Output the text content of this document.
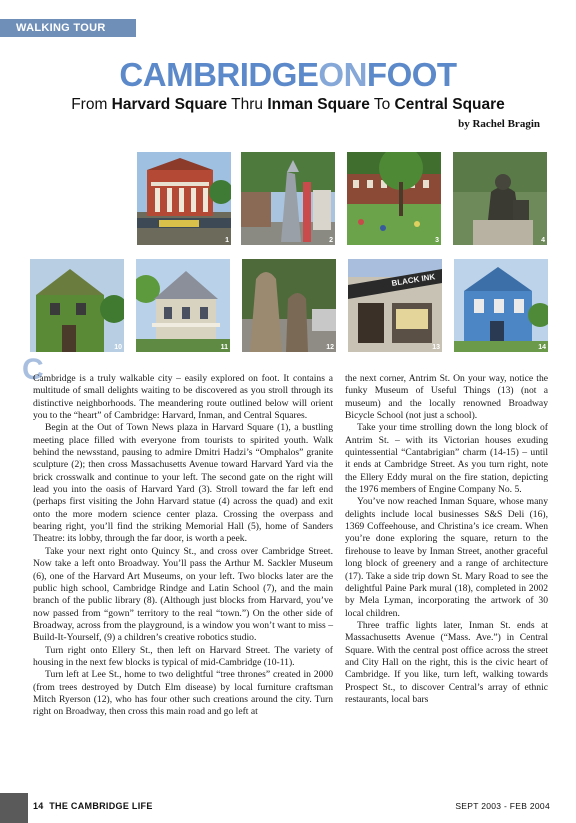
WALKING TOUR
CAMBRIDGEONFOOT
From Harvard Square Thru Inman Square To Central Square
by Rachel Bragin
1	2	3	4
10	11	12
BLACK INK
13	14
C

Cambridge is a truly walkable city – easily explored on foot. It contains a multitude of small delights waiting to be discovered as you stroll through its distinctive neighborhoods. The meandering route outlined below will orient you to the “heart” of Cambridge: Harvard, Inman, and Central Squares.

Begin at the Out of Town News plaza in Harvard Square (1), a bustling meeting place filled with everyone from tourists to spirited youth. Walk behind the newsstand, pausing to admire Dmitri Hadzi’s “Omphalos” granite sculpture (2); then cross Massachusetts Avenue toward Harvard Yard via the brick crosswalk and continue to your left. The second gate on the right will lead you into the oasis of Harvard Yard (3). Stroll toward the far left end (perhaps first visiting the John Harvard statue (4) across the quad) and exit onto the more modern science center plaza. Crossing the overpass and bearing right, you’ll find the striking Memorial Hall (5), home of Sanders Theatre: its lobby, through the far door, is worth a peek.

Take your next right onto Quincy St., and cross over Cambridge Street. Now take a left onto Broadway. You’ll pass the Arthur M. Sackler Museum (6), one of the Harvard Art Museums, on your left. Two blocks later are the public high school, Cambridge Rindge and Latin School (7), and the main branch of the public library (8). (Although just blocks from Harvard, you’ve now passed from “gown” territory to the real “town.”) On the other side of Broadway, across from the playground, is a window you won’t want to miss – Build-It-Yourself, (9) a children’s creative robotics studio.

Turn right onto Ellery St., then left on Harvard Street. The variety of housing in the next few blocks is typical of mid-Cambridge (10-11).

Turn left at Lee St., home to two delightful “tree thrones” created in 2000 (from trees destroyed by Dutch Elm disease) by local furniture craftsman Mitch Ryerson (12), who has four other such creations around the city. Turn right on Broadway, then cross this main road and go left at

the next corner, Antrim St. On your way, notice the funky Museum of Useful Things (13) (not a museum) and the locally renowned Broadway Bicycle School (not just a school).

Take your time strolling down the long block of Antrim St. – with its Victorian houses exuding quintessential “Cantabrigian” charm (14-15) – until it ends at Cambridge Street. As you turn right, note the Ellery Eddy mural on the fire station, depicting the 1976 members of Engine Company No. 5.

You’ve now reached Inman Square, whose many delights include local businesses S&S Deli (16), 1369 Coffeehouse, and Christina’s ice cream. When you’re done exploring the square, return to the firehouse to leave by Inman Street, another graceful long block of greenery and a range of architecture (17). Take a side trip down St. Mary Road to see the delightful Paine Park mural (18), completed in 2002 by Mela Lyman, incorporating the artwork of 30 local children.

Three traffic lights later, Inman St. ends at Massachusetts Avenue (“Mass. Ave.”) in Central Square. With the central post office across the street and City Hall on the right, this is the civic heart of Cambridge. If you like, turn left, walking towards Prospect St., to discover Central’s array of ethnic restaurants, local bars

14 THE CAMBRIDGE LIFE	SEPT 2003 - FEB 2004
